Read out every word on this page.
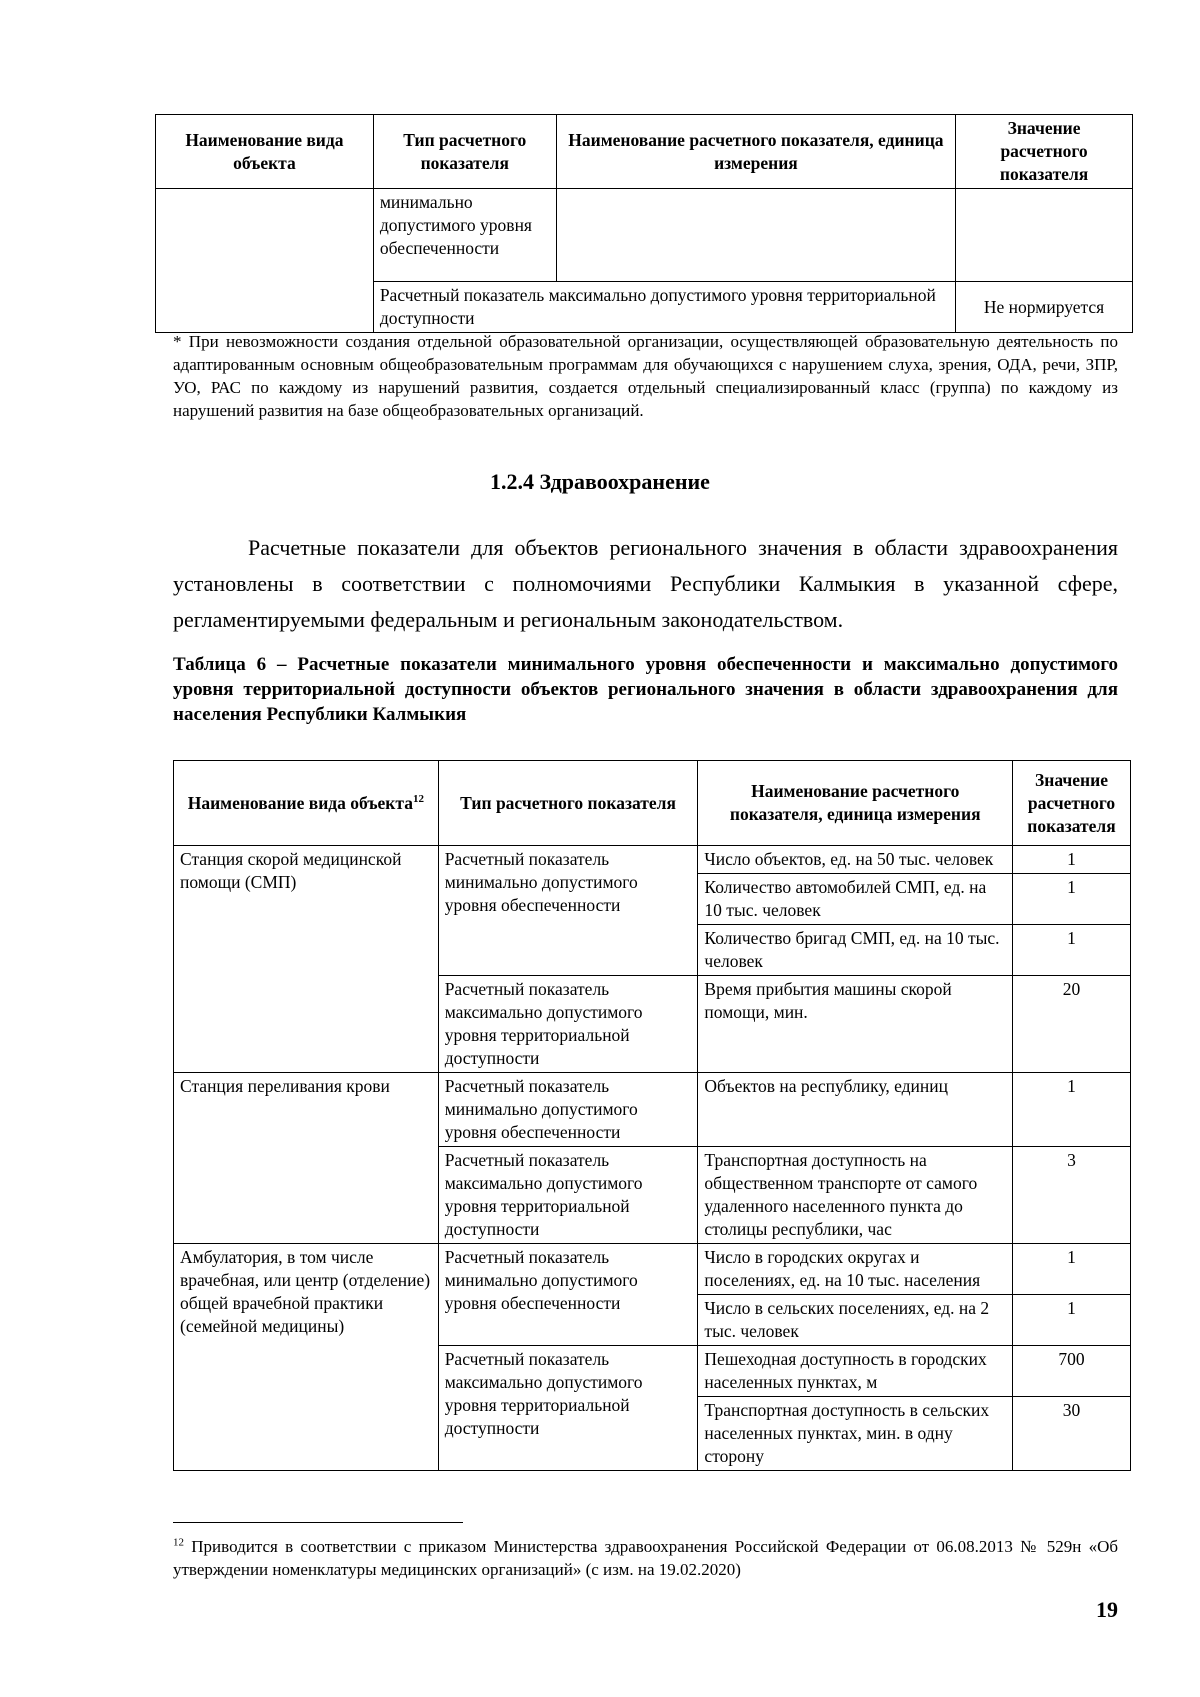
Наименование вида объекта	Тип расчетного показателя	Наименование расчетного показателя, единица измерения	Значение расчетного показателя
	минимально допустимого уровня обеспеченности		
	Расчетный показатель максимально допустимого уровня территориальной доступности		Не нормируется
* При невозможности создания отдельной образовательной организации, осуществляющей образовательную деятельность по адаптированным основным общеобразовательным программам для обучающихся с нарушением слуха, зрения, ОДА, речи, ЗПР, УО, РАС по каждому из нарушений развития, создается отдельный специализированный класс (группа) по каждому из нарушений развития на базе общеобразовательных организаций.
1.2.4 Здравоохранение
Расчетные показатели для объектов регионального значения в области здравоохранения установлены в соответствии с полномочиями Республики Калмыкия в указанной сфере, регламентируемыми федеральным и региональным законодательством.
Таблица 6 – Расчетные показатели минимального уровня обеспеченности и максимально допустимого уровня территориальной доступности объектов регионального значения в области здравоохранения для населения Республики Калмыкия
Наименование вида объекта$^{12}$	Тип расчетного показателя	Наименование расчетного показателя, единица измерения	Значение расчетного показателя
Станция скорой медицинской помощи (СМП)	Расчетный показатель минимально допустимого уровня обеспеченности	Число объектов, ед. на 50 тыс. человек	1
		Количество автомобилей СМП, ед. на 10 тыс. человек	1
		Количество бригад СМП, ед. на 10 тыс. человек	1
	Расчетный показатель максимально допустимого уровня территориальной доступности	Время прибытия машины скорой помощи, мин.	20
Станция переливания крови	Расчетный показатель минимально допустимого уровня обеспеченности	Объектов на республику, единиц	1
	Расчетный показатель максимально допустимого уровня территориальной доступности	Транспортная доступность на общественном транспорте от самого удаленного населенного пункта до столицы республики, час	3
Амбулатория, в том числе врачебная, или центр (отделение) общей врачебной практики (семейной медицины)	Расчетный показатель минимально допустимого уровня обеспеченности	Число в городских округах и поселениях, ед. на 10 тыс. населения	1
		Число в сельских поселениях, ед. на 2 тыс. человек	1
	Расчетный показатель максимально допустимого уровня территориальной доступности	Пешеходная доступность в городских населенных пунктах, м	700
		Транспортная доступность в сельских населенных пунктах, мин. в одну сторону	30
$^{12}$ Приводится в соответствии с приказом Министерства здравоохранения Российской Федерации от 06.08.2013 № 529н «Об утверждении номенклатуры медицинских организаций» (с изм. на 19.02.2020)
19
